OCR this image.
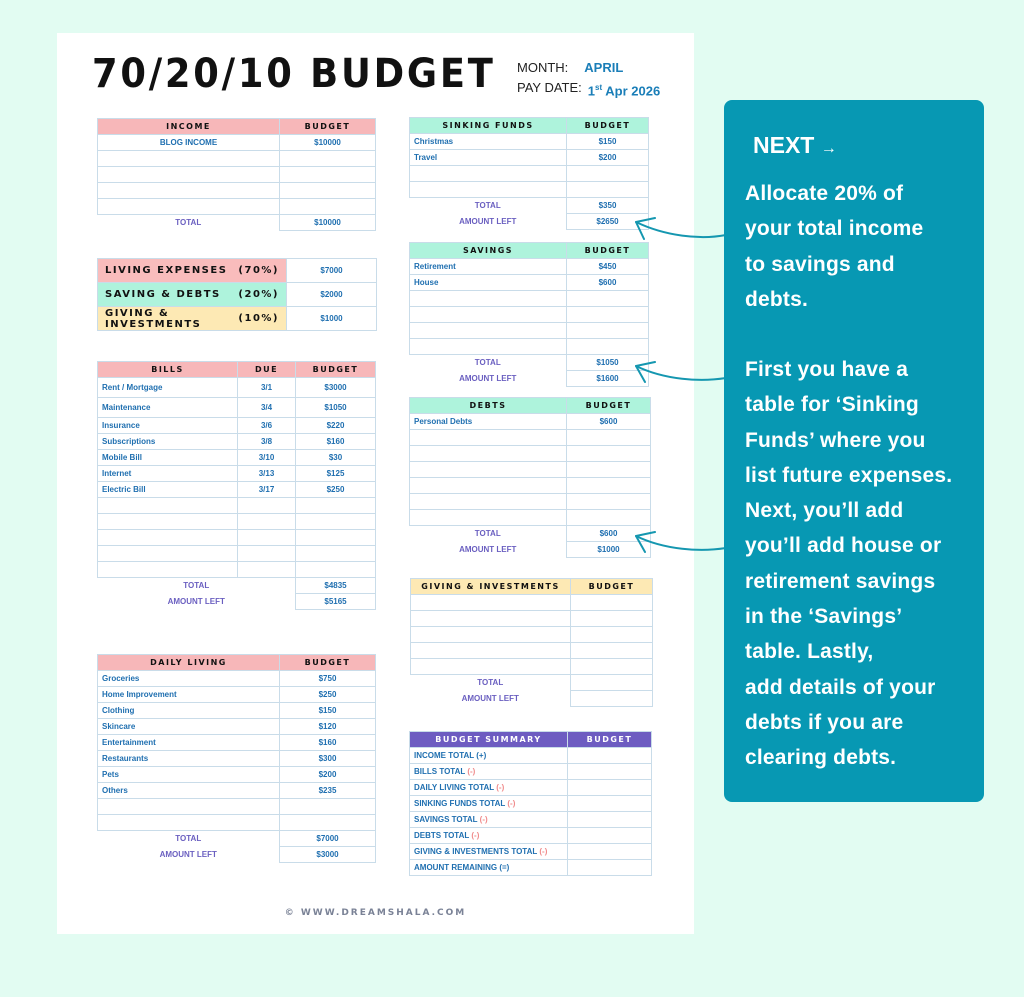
70/20/10 BUDGET MONTH: APRIL
PAY DATE: 1st Apr 2026
INCOME	BUDGET
BLOG INCOME	$10000

TOTAL	$10000
LIVING EXPENSES (70%)	$7000

SAVING & DEBTS (20%)	$2000

GIVING & INVESTMENTS (10%)	$1000
BILLS	DUE	BUDGET
Rent / Mortgage	3/1	$3000
Maintenance	3/4	$1050
Insurance	3/6	$220
Subscriptions	3/8	$160
Mobile Bill	3/10	$30
Internet	3/13	$125
Electric Bill	3/17	$250

TOTAL		$4835
AMOUNT LEFT		$5165
DAILY LIVING	BUDGET
Groceries	$750
Home Improvement	$250
Clothing	$150
Skincare	$120
Entertainment	$160
Restaurants	$300
Pets	$200
Others	$235

TOTAL	$7000
AMOUNT LEFT	$3000
SINKING FUNDS	BUDGET
Christmas	$150
Travel	$200

TOTAL	$350
AMOUNT LEFT	$2650
SAVINGS	BUDGET
Retirement	$450
House	$600

TOTAL	$1050
AMOUNT LEFT	$1600
DEBTS	BUDGET
Personal Debts	$600

TOTAL	$600
AMOUNT LEFT	$1000
GIVING & INVESTMENTS	BUDGET

TOTAL	
AMOUNT LEFT	
BUDGET SUMMARY	BUDGET
INCOME TOTAL (+)	
BILLS TOTAL (-)	
DAILY LIVING TOTAL (-)	
SINKING FUNDS TOTAL (-)	
SAVINGS TOTAL (-)	
DEBTS TOTAL (-)	
GIVING & INVESTMENTS TOTAL (-)	
AMOUNT REMAINING (=)	
© WWW.DREAMSHALA.COM
NEXT →
Allocate 20% of
your total income
to savings and
debts.
First you have a
table for ‘Sinking
Funds’ where you
list future expenses.
Next, you’ll add
you’ll add house or
retirement savings
in the ‘Savings’
table. Lastly,
add details of your
debts if you are
clearing debts.
